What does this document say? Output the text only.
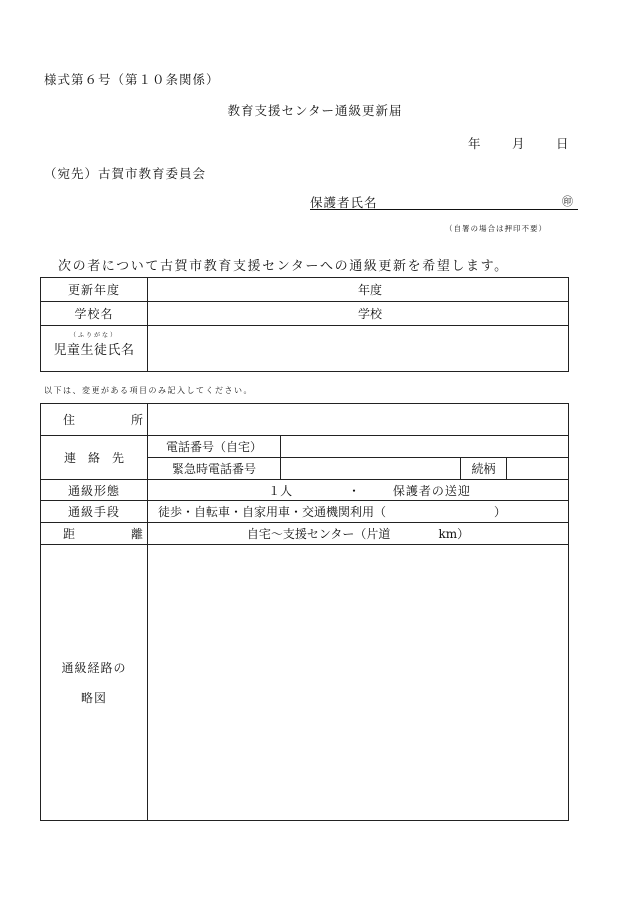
様式第６号（第１０条関係）
教育支援センター通級更新届
年	月	日
（宛先）古賀市教育委員会
保護者氏名	㊞
（自署の場合は押印不要）
次の者について古賀市教育支援センターへの通級更新を希望します。
更新年度	年度
学校名	学校

（ふりがな）
児童生徒氏名	
以下は、変更がある項目のみ記入してください。
住　所				
連絡先	電話番号（自宅）			
	緊急時電話番号		続柄	
通級形態	１人 ・ 保護者の送迎			
通級手段	徒歩・自転車・自家用車・交通機関利用（ ）			
距　離	自宅～支援センター（片道 km）			

通級経路の
略図				
